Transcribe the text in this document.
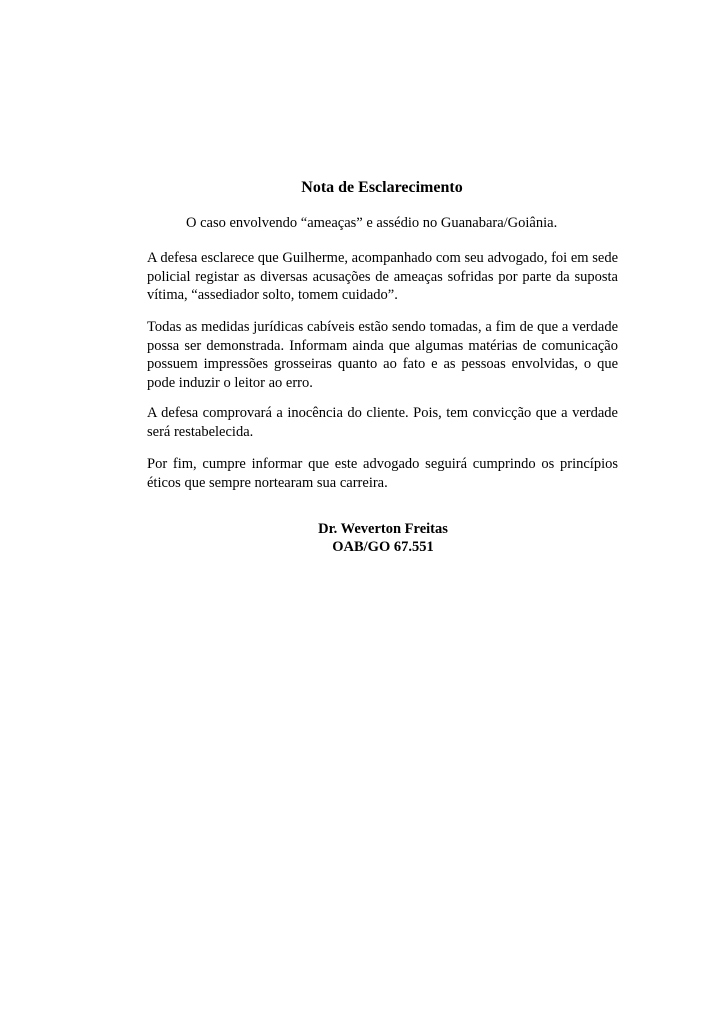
Nota de Esclarecimento

O caso envolvendo “ameaças” e assédio no Guanabara/Goiânia.

A defesa esclarece que Guilherme, acompanhado com seu advogado, foi em sede policial registar as diversas acusações de ameaças sofridas por parte da suposta vítima, “assediador solto, tomem cuidado”.

Todas as medidas jurídicas cabíveis estão sendo tomadas, a fim de que a verdade possa ser demonstrada. Informam ainda que algumas matérias de comunicação possuem impressões grosseiras quanto ao fato e as pessoas envolvidas, o que pode induzir o leitor ao erro.

A defesa comprovará a inocência do cliente. Pois, tem convicção que a verdade será restabelecida.

Por fim, cumpre informar que este advogado seguirá cumprindo os princípios éticos que sempre nortearam sua carreira.

Dr. Weverton Freitas
OAB/GO 67.551
